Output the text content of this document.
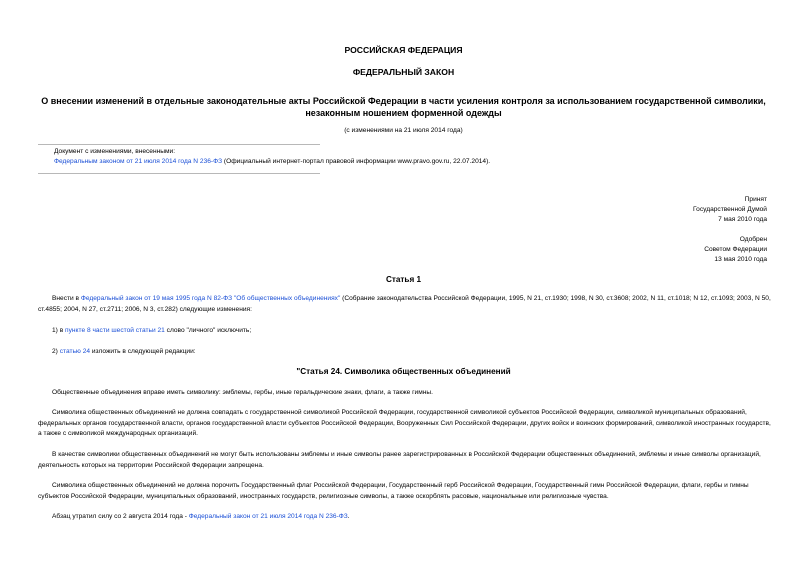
РОССИЙСКАЯ ФЕДЕРАЦИЯ
ФЕДЕРАЛЬНЫЙ ЗАКОН
О внесении изменений в отдельные законодательные акты Российской Федерации в части усиления контроля за использованием государственной символики, незаконным ношением форменной одежды
(с изменениями на 21 июля 2014 года)
Документ с изменениями, внесенными:
Федеральным законом от 21 июля 2014 года N 236-ФЗ (Официальный интернет-портал правовой информации www.pravo.gov.ru, 22.07.2014).
Принят
Государственной Думой
7 мая 2010 года
Одобрен
Советом Федерации
13 мая 2010 года
Статья 1
Внести в Федеральный закон от 19 мая 1995 года N 82-ФЗ "Об общественных объединениях" (Собрание законодательства Российской Федерации, 1995, N 21, ст.1930; 1998, N 30, ст.3608; 2002, N 11, ст.1018; N 12, ст.1093; 2003, N 50, ст.4855; 2004, N 27, ст.2711; 2006, N 3, ст.282) следующие изменения:
1) в пункте 8 части шестой статьи 21 слово "личного" исключить;
2) статью 24 изложить в следующей редакции:
"Статья 24. Символика общественных объединений
Общественные объединения вправе иметь символику: эмблемы, гербы, иные геральдические знаки, флаги, а также гимны.
Символика общественных объединений не должна совпадать с государственной символикой Российской Федерации, государственной символикой субъектов Российской Федерации, символикой муниципальных образований, федеральных органов государственной власти, органов государственной власти субъектов Российской Федерации, Вооруженных Сил Российской Федерации, других войск и воинских формирований, символикой иностранных государств, а также с символикой международных организаций.
В качестве символики общественных объединений не могут быть использованы эмблемы и иные символы ранее зарегистрированных в Российской Федерации общественных объединений, эмблемы и иные символы организаций, деятельность которых на территории Российской Федерации запрещена.
Символика общественных объединений не должна порочить Государственный флаг Российской Федерации, Государственный герб Российской Федерации, Государственный гимн Российской Федерации, флаги, гербы и гимны субъектов Российской Федерации, муниципальных образований, иностранных государств, религиозные символы, а также оскорблять расовые, национальные или религиозные чувства.
Абзац утратил силу со 2 августа 2014 года - Федеральный закон от 21 июля 2014 года N 236-ФЗ.
